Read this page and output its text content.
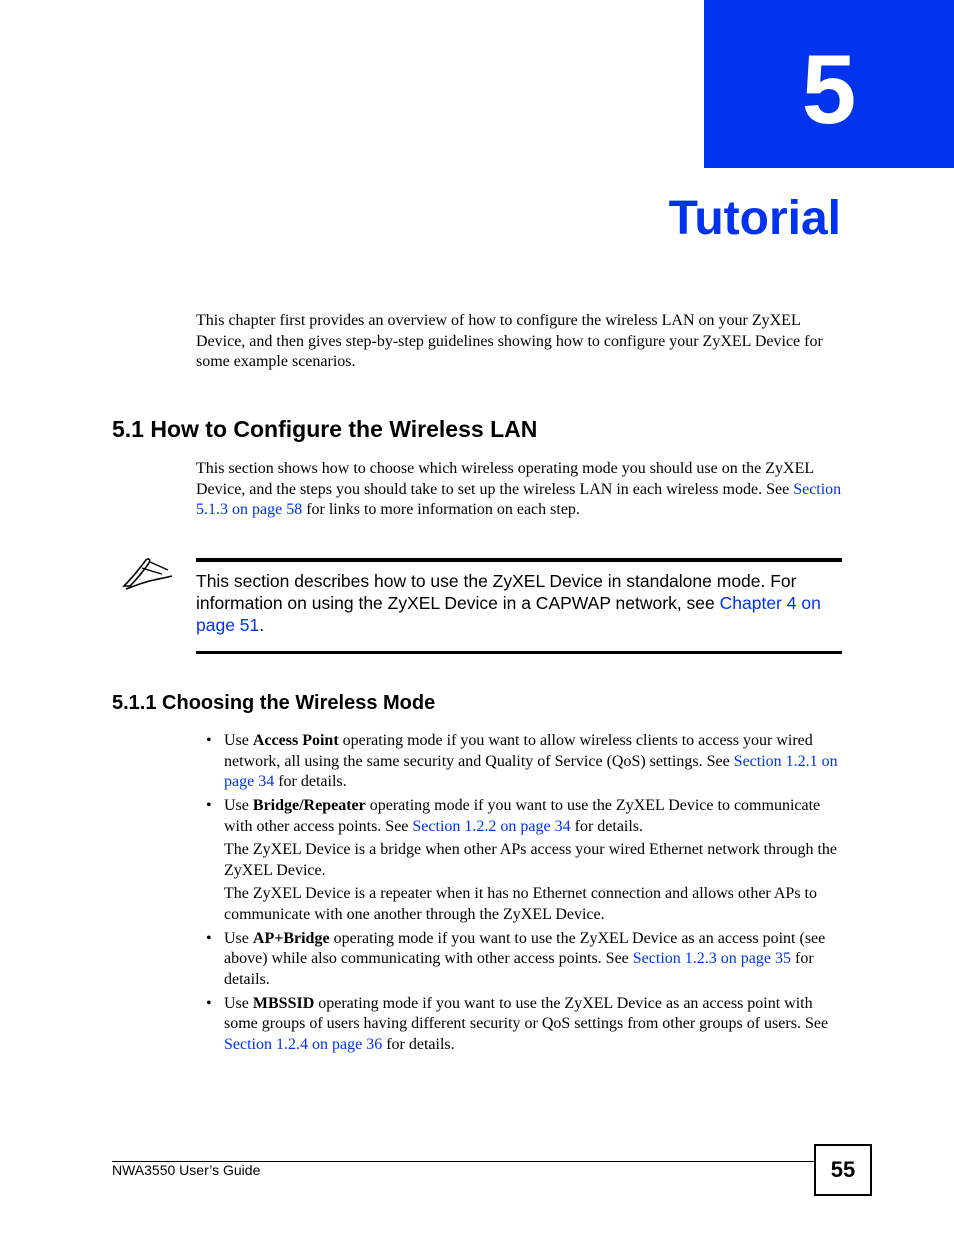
5
Tutorial
This chapter first provides an overview of how to configure the wireless LAN on your ZyXEL Device, and then gives step-by-step guidelines showing how to configure your ZyXEL Device for some example scenarios.
5.1 How to Configure the Wireless LAN
This section shows how to choose which wireless operating mode you should use on the ZyXEL Device, and the steps you should take to set up the wireless LAN in each wireless mode. See Section 5.1.3 on page 58 for links to more information on each step.
This section describes how to use the ZyXEL Device in standalone mode. For information on using the ZyXEL Device in a CAPWAP network, see Chapter 4 on page 51.
5.1.1 Choosing the Wireless Mode
• Use Access Point operating mode if you want to allow wireless clients to access your wired network, all using the same security and Quality of Service (QoS) settings. See Section 1.2.1 on page 34 for details.
• Use Bridge/Repeater operating mode if you want to use the ZyXEL Device to communicate with other access points. See Section 1.2.2 on page 34 for details.
The ZyXEL Device is a bridge when other APs access your wired Ethernet network through the ZyXEL Device.
The ZyXEL Device is a repeater when it has no Ethernet connection and allows other APs to communicate with one another through the ZyXEL Device.
• Use AP+Bridge operating mode if you want to use the ZyXEL Device as an access point (see above) while also communicating with other access points. See Section 1.2.3 on page 35 for details.
• Use MBSSID operating mode if you want to use the ZyXEL Device as an access point with some groups of users having different security or QoS settings from other groups of users. See Section 1.2.4 on page 36 for details.
NWA3550 User’s Guide	55
